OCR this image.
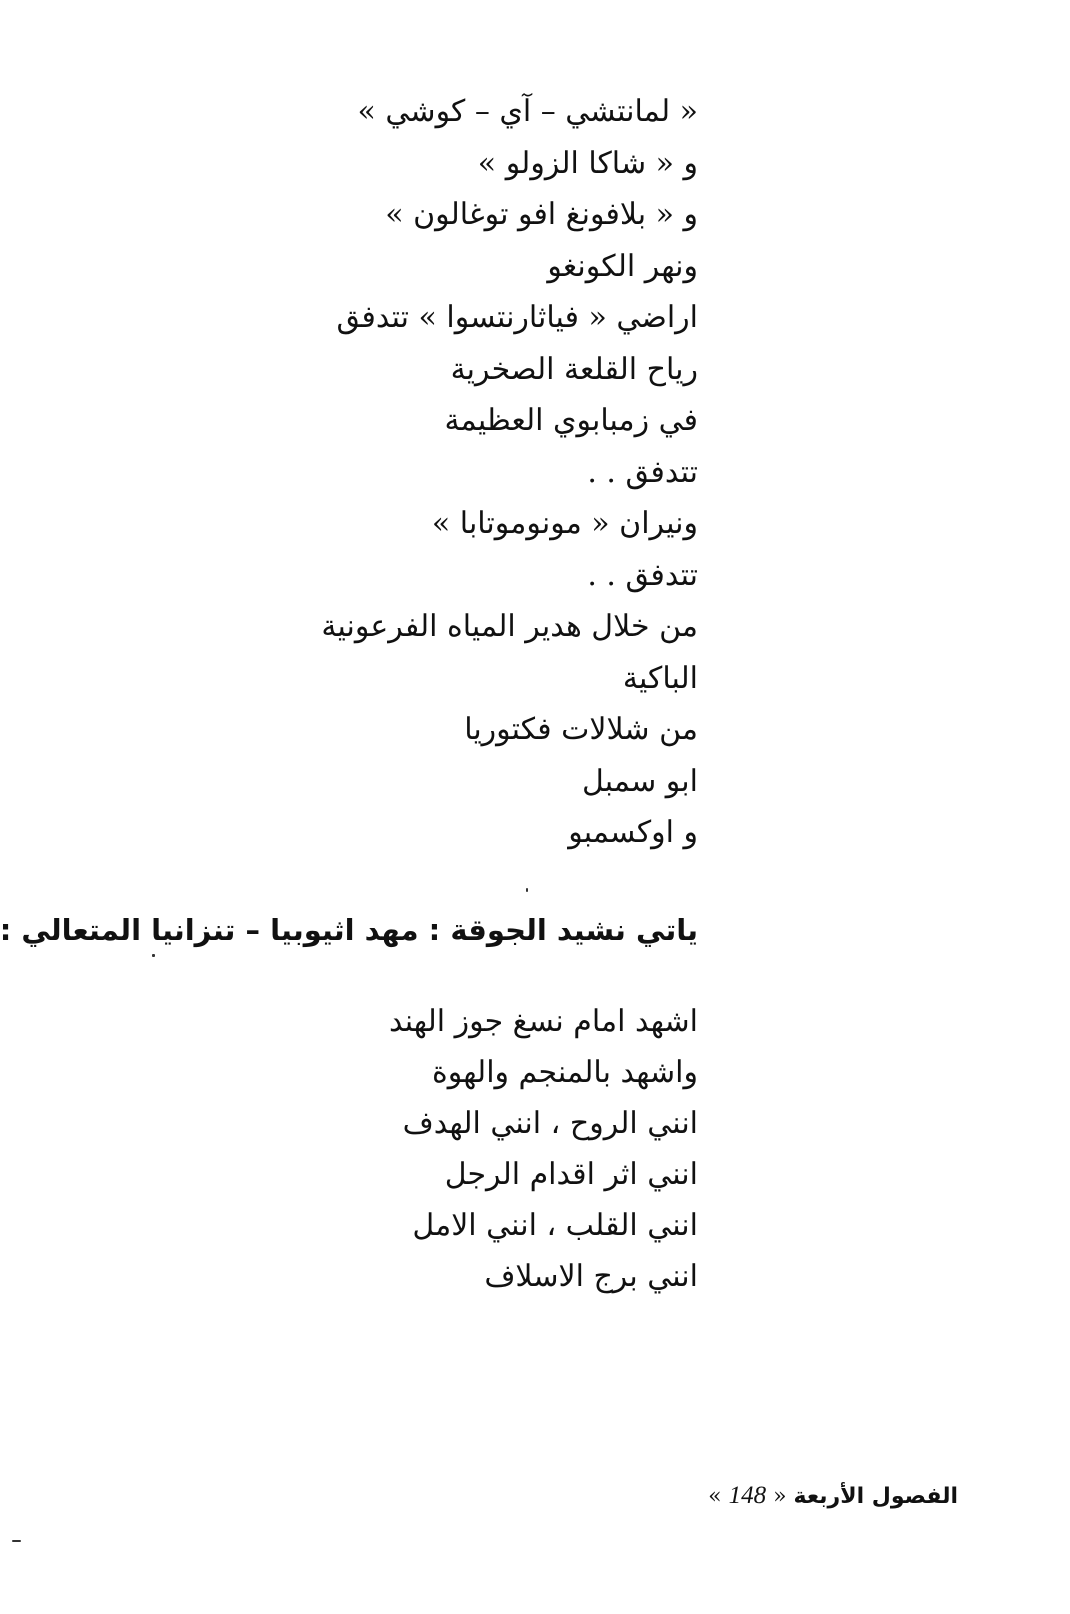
« لمانتشي – آي – كوشي »
و « شاكا الزولو »
و « بلافونغ افو توغالون »
ونهر الكونغو
اراضي « فياثارنتسوا » تتدفق
رياح القلعة الصخرية
في زمبابوي العظيمة
تتدفق . .
ونيران « مونوموتابا »
تتدفق . .
من خلال هدير المياه الفرعونية
الباكية
من شلالات فكتوريا
ابو سمبل
و اوكسمبو
ياتي نشيد الجوقة : مهد اثيوبيا – تنزانيا المتعالي :
اشهد امام نسغ جوز الهند
واشهد بالمنجم والهوة
انني الروح ، انني الهدف
انني اثر اقدام الرجل
انني القلب ، انني الامل
انني برج الاسلاف
الفصول الأربعة « 148 »
